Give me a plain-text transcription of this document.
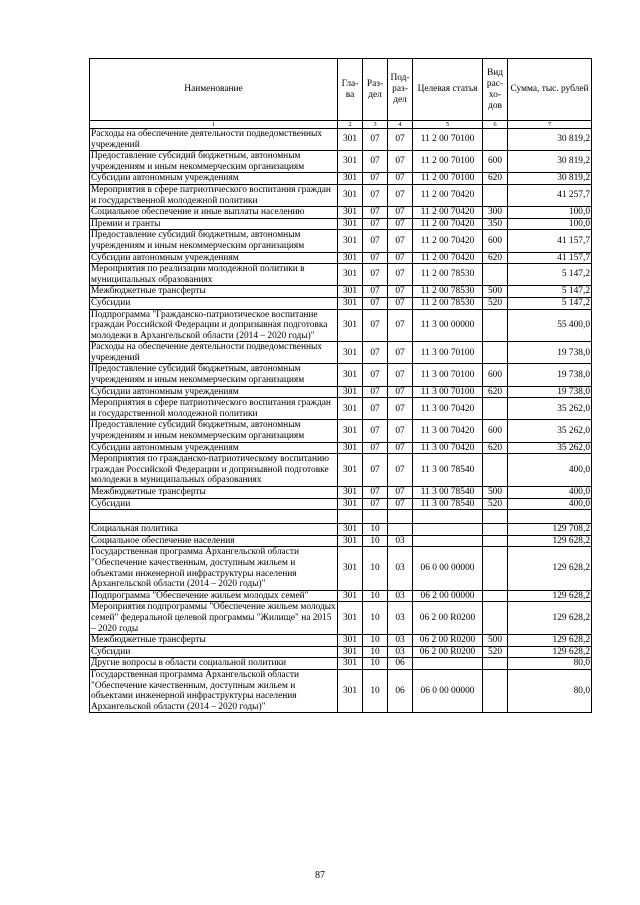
Наименование	Гла-ва	Раз-дел	Под-раз-дел	Целевая статья	Вид рас-хо-дов	Сумма, тыс. рублей
1	2	3	4	5	6	7
Расходы на обеспечение деятельности подведомственных учреждений	301	07	07	11 2 00 70100		30 819,2
Предоставление субсидий бюджетным, автономным учреждениям и иным некоммерческим организациям	301	07	07	11 2 00 70100	600	30 819,2
Субсидии автономным учреждениям	301	07	07	11 2 00 70100	620	30 819,2
Мероприятия в сфере патриотического воспитания граждан и государственной молодежной политики	301	07	07	11 2 00 70420		41 257,7
Социальное обеспечение и иные выплаты населению	301	07	07	11 2 00 70420	300	100,0
Премии и гранты	301	07	07	11 2 00 70420	350	100,0
Предоставление субсидий бюджетным, автономным учреждениям и иным некоммерческим организациям	301	07	07	11 2 00 70420	600	41 157,7
Субсидии автономным учреждениям	301	07	07	11 2 00 70420	620	41 157,7
Мероприятия по реализации молодежной политики в муниципальных образованиях	301	07	07	11 2 00 78530		5 147,2
Межбюджетные трансферты	301	07	07	11 2 00 78530	500	5 147,2
Субсидии	301	07	07	11 2 00 78530	520	5 147,2
Подпрограмма "Гражданско-патриотическое воспитание граждан Российской Федерации и допризывная подготовка молодежи в Архангельской области (2014 – 2020 годы)"	301	07	07	11 3 00 00000		55 400,0
Расходы на обеспечение деятельности подведомственных учреждений	301	07	07	11 3 00 70100		19 738,0
Предоставление субсидий бюджетным, автономным учреждениям и иным некоммерческим организациям	301	07	07	11 3 00 70100	600	19 738,0
Субсидии автономным учреждениям	301	07	07	11 3 00 70100	620	19 738,0
Мероприятия в сфере патриотического воспитания граждан и государственной молодежной политики	301	07	07	11 3 00 70420		35 262,0
Предоставление субсидий бюджетным, автономным учреждениям и иным некоммерческим организациям	301	07	07	11 3 00 70420	600	35 262,0
Субсидии автономным учреждениям	301	07	07	11 3 00 70420	620	35 262,0
Мероприятия по гражданско-патриотическому воспитанию граждан Российской Федерации и допризывной подготовке молодежи в муниципальных образованиях	301	07	07	11 3 00 78540		400,0
Межбюджетные трансферты	301	07	07	11 3 00 78540	500	400,0
Субсидии	301	07	07	11 3 00 78540	520	400,0

Социальная политика	301	10				129 708,2
Социальное обеспечение населения	301	10	03			129 628,2
Государственная программа Архангельской области "Обеспечение качественным, доступным жильем и объектами инженерной инфраструктуры населения Архангельской области (2014 – 2020 годы)"	301	10	03	06 0 00 00000		129 628,2
Подпрограмма "Обеспечение жильем молодых семей"	301	10	03	06 2 00 00000		129 628,2
Мероприятия подпрограммы "Обеспечение жильем молодых семей" федеральной целевой программы "Жилище" на 2015 – 2020 годы	301	10	03	06 2 00 R0200		129 628,2
Межбюджетные трансферты	301	10	03	06 2 00 R0200	500	129 628,2
Субсидии	301	10	03	06 2 00 R0200	520	129 628,2
Другие вопросы в области социальной политики	301	10	06			80,0
Государственная программа Архангельской области "Обеспечение качественным, доступным жильем и объектами инженерной инфраструктуры населения Архангельской области (2014 – 2020 годы)"	301	10	06	06 0 00 00000		80,0
87
